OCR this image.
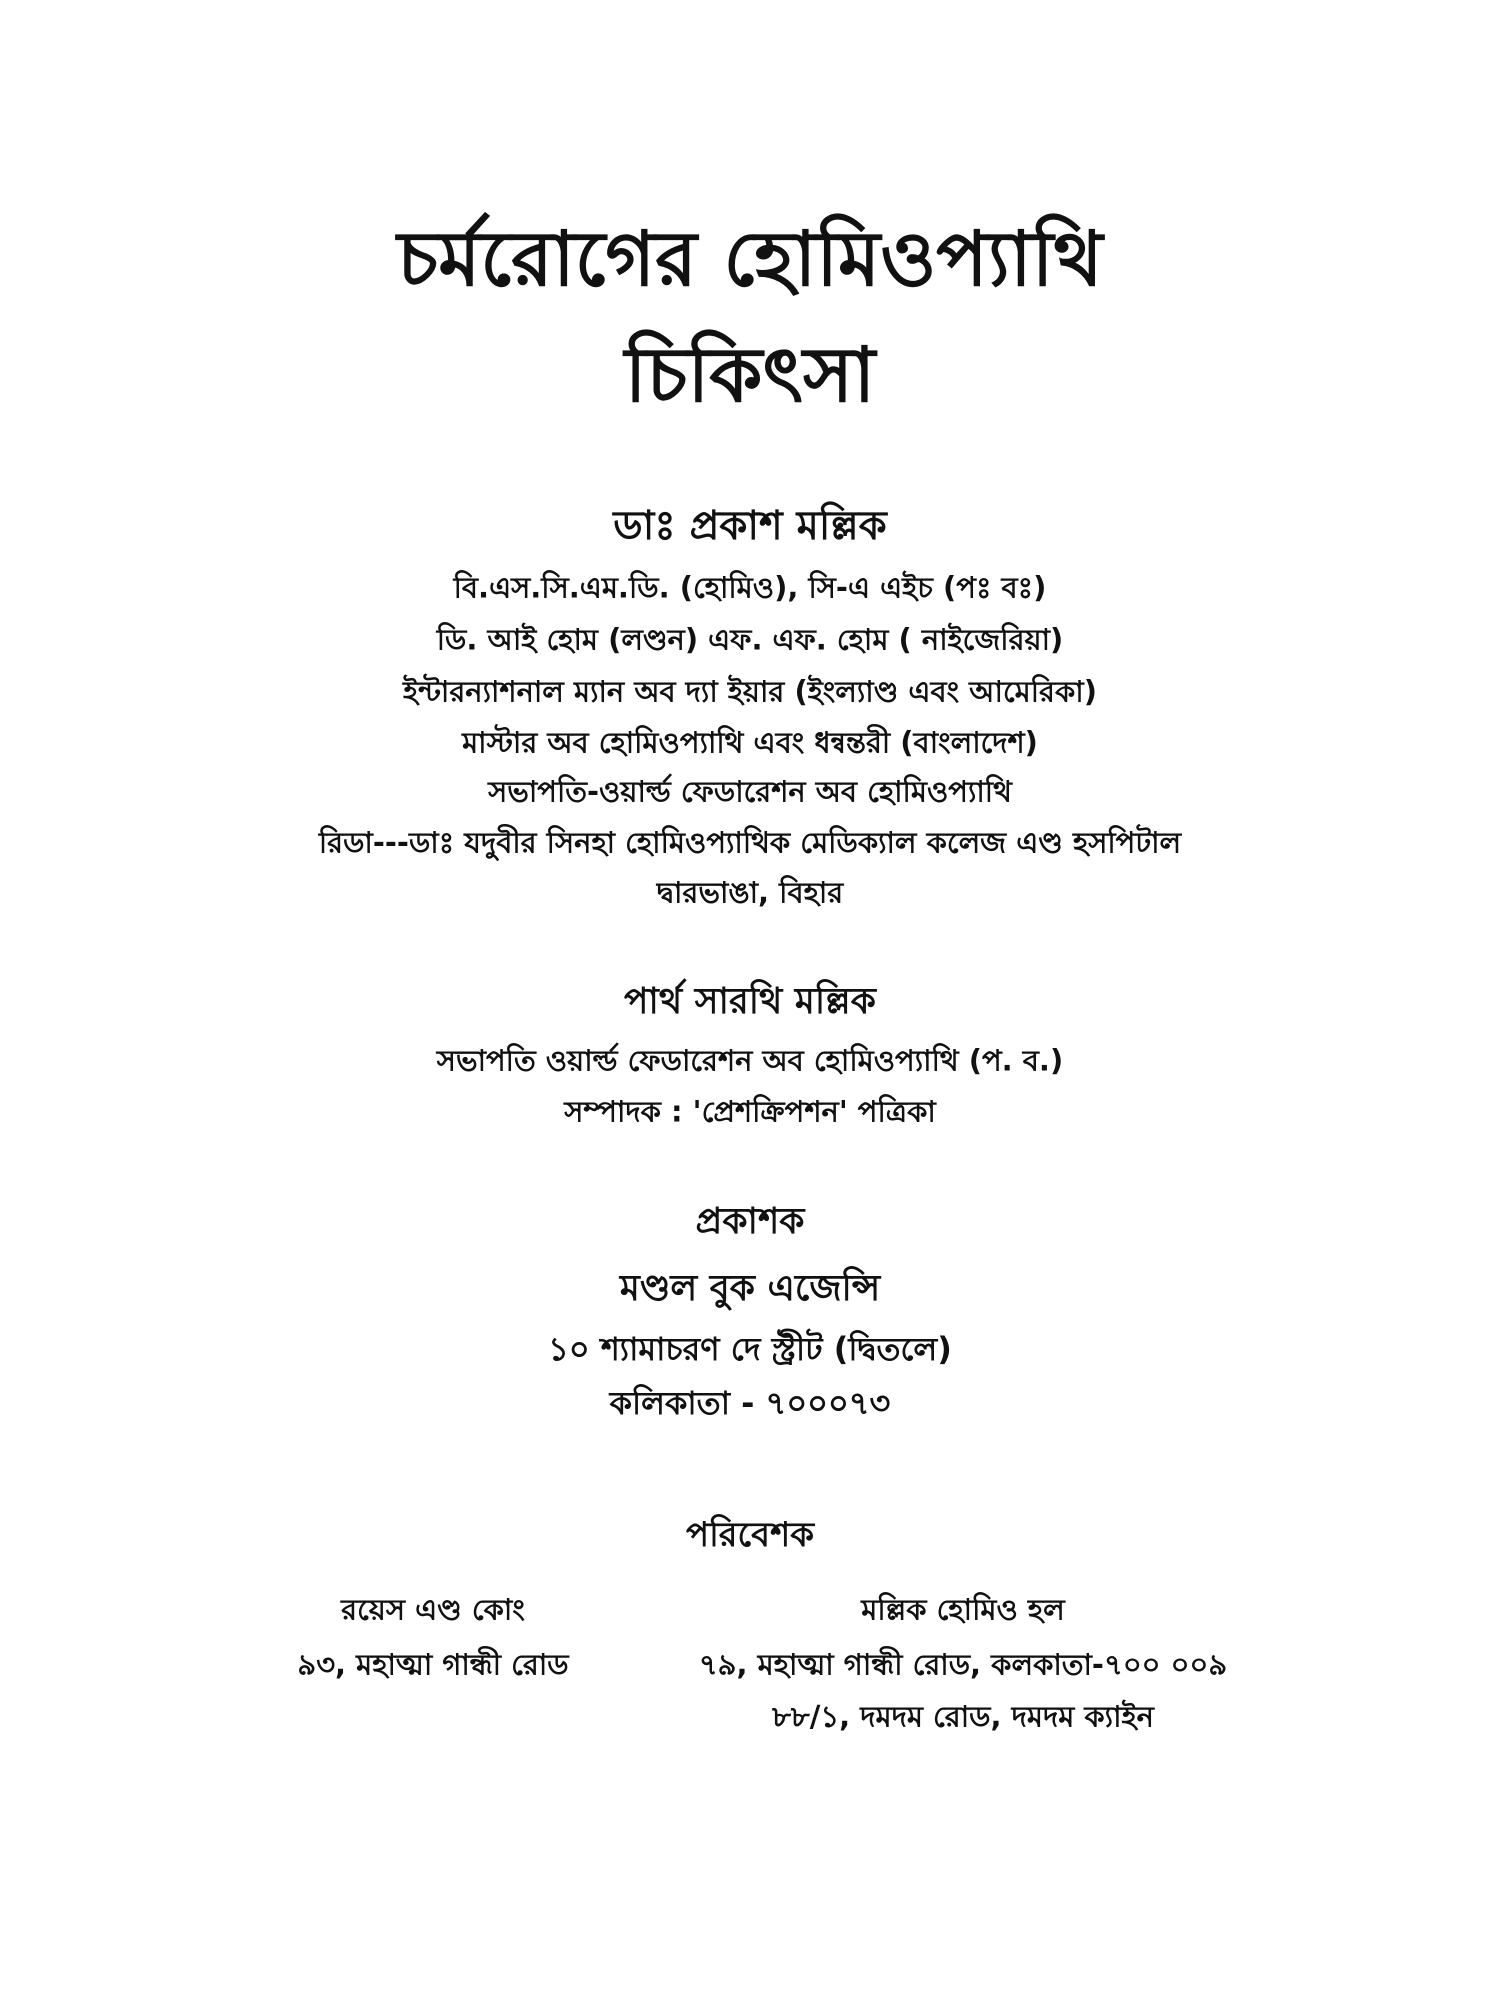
চর্মরোগের হোমিওপ্যাথি
চিকিৎসা
ডাঃ প্রকাশ মল্লিক
বি.এস.সি.এম.ডি. (হোমিও), সি-এ এইচ (পঃ বঃ)
ডি. আই হোম (লণ্ডন) এফ. এফ. হোম ( নাইজেরিয়া)
ইন্টারন্যাশনাল ম্যান অব দ্যা ইয়ার (ইংল্যাণ্ড এবং আমেরিকা)
মাস্টার অব হোমিওপ্যাথি এবং ধন্বন্তরী (বাংলাদেশ)
সভাপতি-ওয়ার্ল্ড ফেডারেশন অব হোমিওপ্যাথি
রিডা---ডাঃ যদুবীর সিনহা হোমিওপ্যাথিক মেডিক্যাল কলেজ এণ্ড হসপিটাল
দ্বারভাঙা, বিহার
পার্থ সারথি মল্লিক
সভাপতি ওয়ার্ল্ড ফেডারেশন অব হোমিওপ্যাথি (প. ব.)
সম্পাদক : 'প্রেশক্রিপশন' পত্রিকা
প্রকাশক
মণ্ডল বুক এজেন্সি
১০ শ্যামাচরণ দে স্ট্রীট (দ্বিতলে)
কলিকাতা - ৭০০০৭৩
পরিবেশক
রয়েস এণ্ড কোং
৯৩, মহাত্মা গান্ধী রোড
মল্লিক হোমিও হল
৭৯, মহাত্মা গান্ধী রোড, কলকাতা-৭০০ ০০৯
৮৮/১, দমদম রোড, দমদম ক্যাইন
